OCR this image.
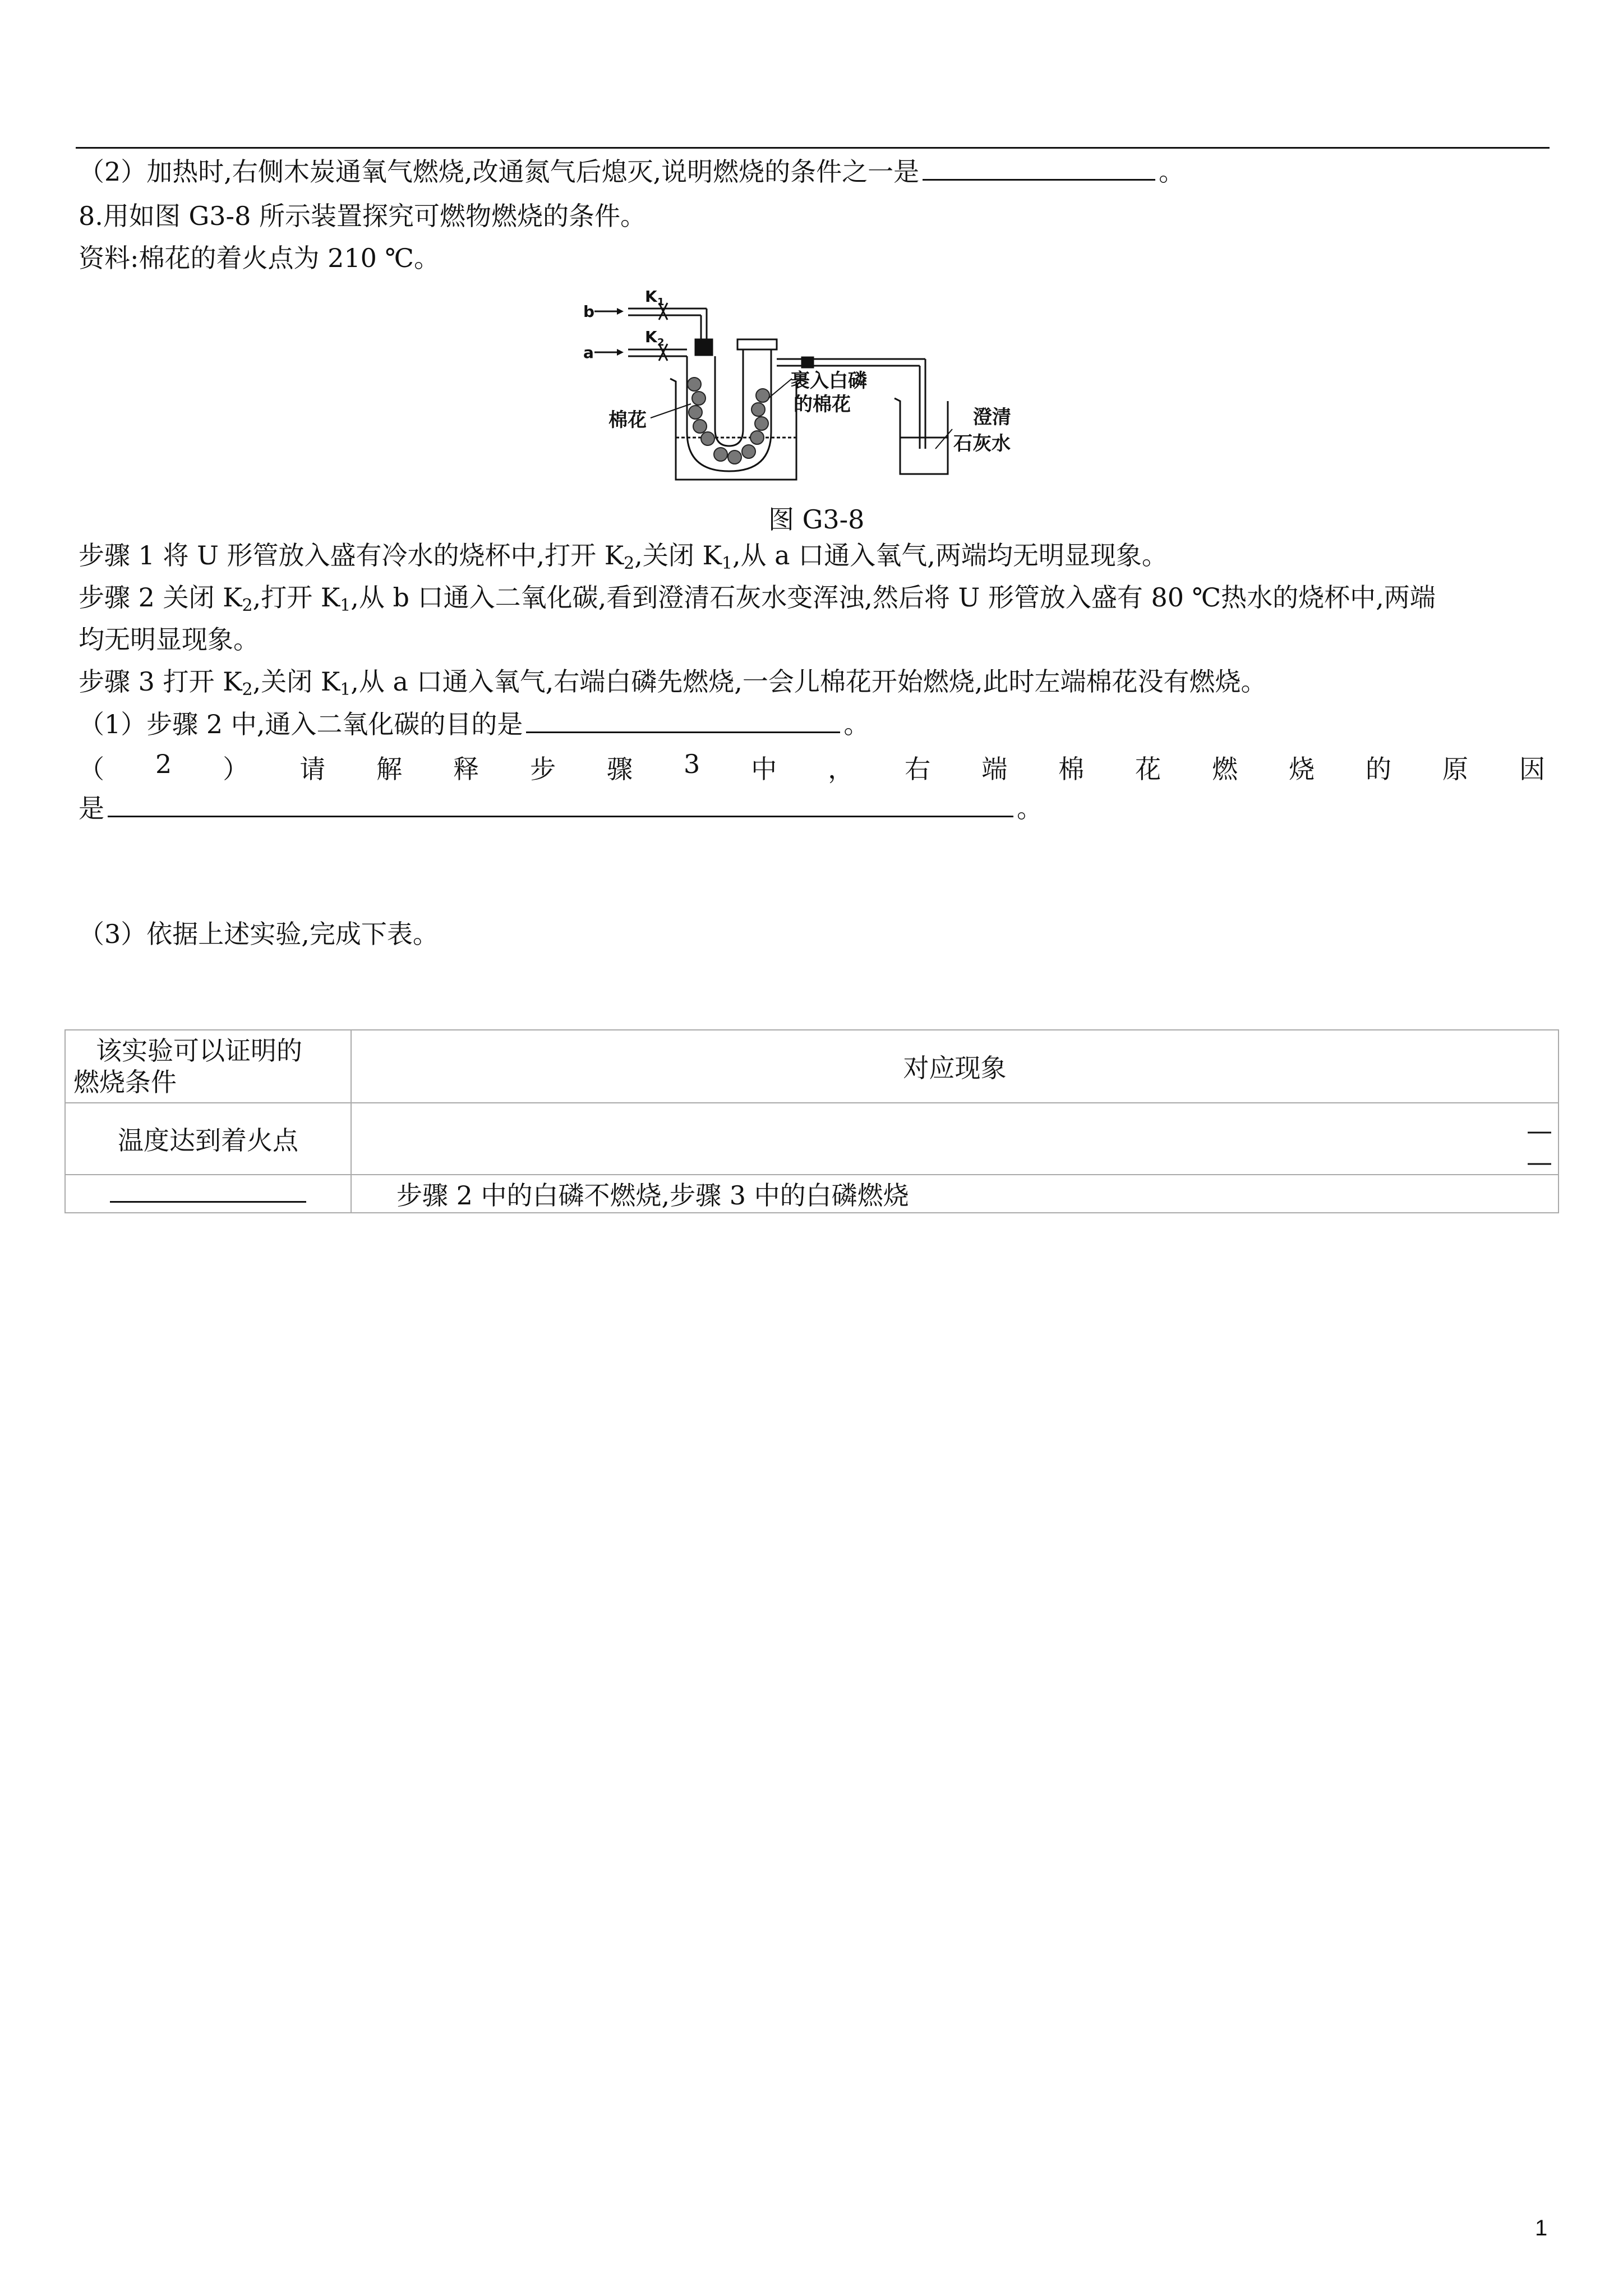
（2）加热时,右侧木炭通氧气燃烧,改通氮气后熄灭,说明燃烧的条件之一是	。
8.用如图 G3-8 所示装置探究可燃物燃烧的条件。
资料:棉花的着火点为 210 ℃。
b
a
K 1
K 2
棉花
裹入白磷
的棉花
澄清
石灰水
图 G3-8
步骤 1 将 U 形管放入盛有冷水的烧杯中,打开 $K_2$,关闭 $K_1$,从 a 口通入氧气,两端均无明显现象。
步骤 2 关闭 $K_2$,打开 $K_1$,从 b 口通入二氧化碳,看到澄清石灰水变浑浊,然后将 U 形管放入盛有 80 ℃热水的烧杯中,两端
均无明显现象。
步骤 3 打开 $K_2$,关闭 $K_1$,从 a 口通入氧气,右端白磷先燃烧,一会儿棉花开始燃烧,此时左端棉花没有燃烧。
（1）步骤 2 中,通入二氧化碳的目的是	。
（ 2 ） 请 解 释 步 骤 3 中 ， 右 端 棉 花 燃 烧 的 原 因
是	。
（3）依据上述实验,完成下表。
该实验可以证明的
燃烧条件	对应现象
温度达到着火点	—
—

	步骤 2 中的白磷不燃烧,步骤 3 中的白磷燃烧
1
